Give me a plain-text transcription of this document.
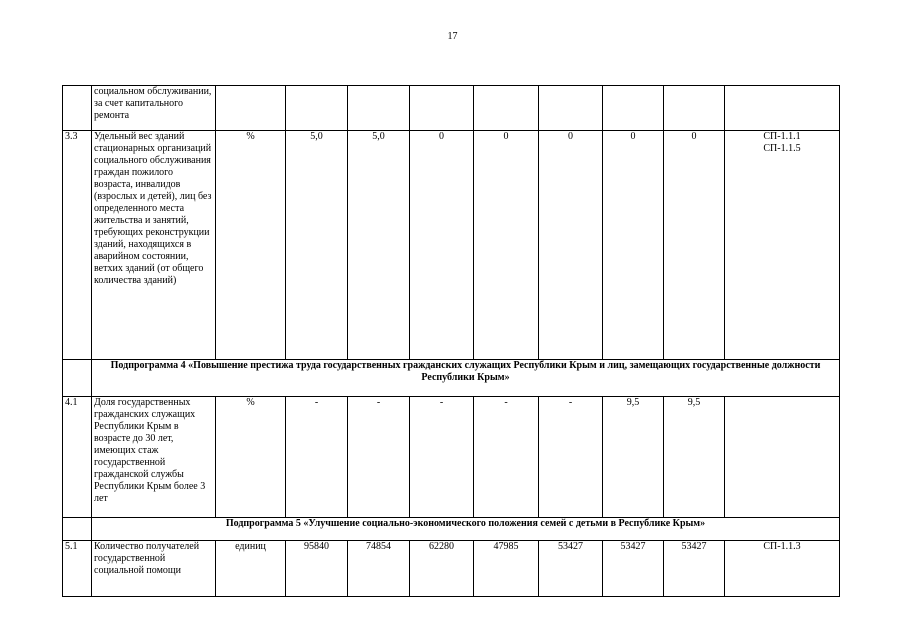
17
	социальном обслуживании, за счет капитального ремонта									
3.3	Удельный вес зданий стационарных организаций социального обслуживания граждан пожилого возраста, инвалидов (взрослых и детей), лиц без определенного места жительства и занятий, требующих реконструкции зданий, находящихся в аварийном состоянии, ветхих зданий (от общего количества зданий)	%	5,0	5,0	0	0	0	0	0	СП-1.1.1
СП-1.1.5

	Подпрограмма 4 «Повышение престижа труда государственных гражданских служащих Республики Крым и лиц, замещающих государственные должности Республики Крым»									
4.1	Доля государственных гражданских служащих Республики Крым в возрасте до 30 лет, имеющих стаж государственной гражданской службы Республики Крым более 3 лет	%	-	-	-	-	-	9,5	9,5	
	Подпрограмма 5 «Улучшение социально-экономического положения семей с детьми в Республике Крым»									
5.1	Количество получателей государственной социальной помощи	единиц	95840	74854	62280	47985	53427	53427	53427	СП-1.1.3
